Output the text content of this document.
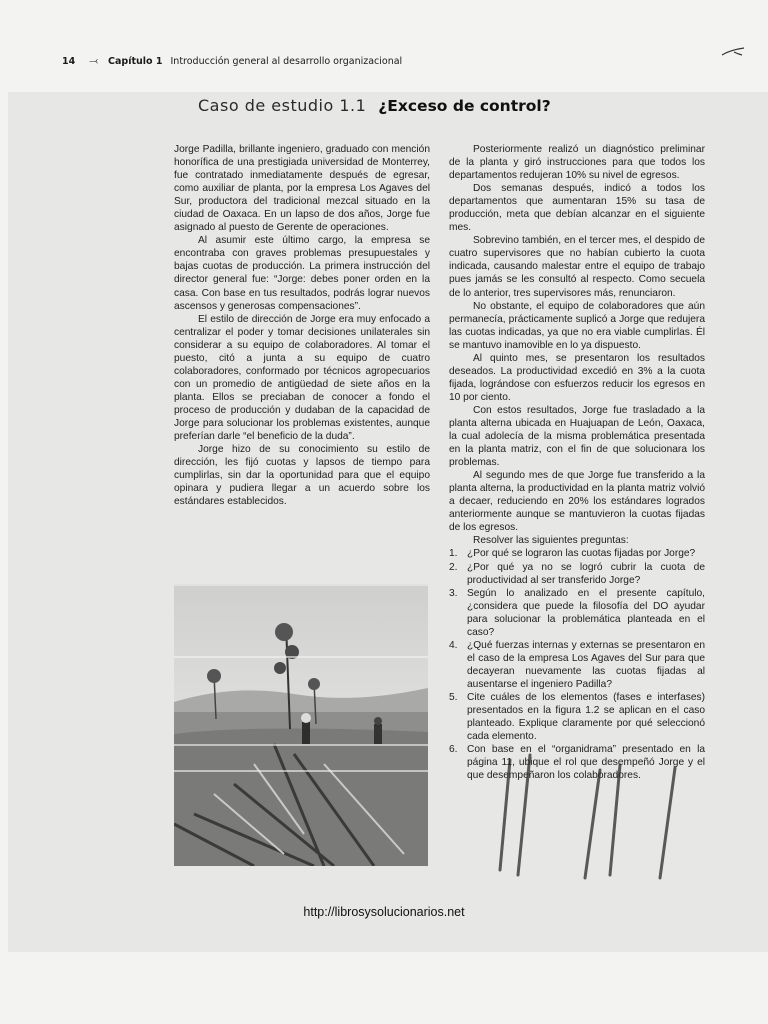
14 ⤙ Capítulo 1 Introducción general al desarrollo organizacional
Caso de estudio 1.1 ¿Exceso de control?

Jorge Padilla, brillante ingeniero, graduado con mención honorífica de una prestigiada universidad de Monterrey, fue contratado inmediatamente después de egresar, como auxiliar de planta, por la empresa Los Agaves del Sur, productora del tradicional mezcal situado en la ciudad de Oaxaca. En un lapso de dos años, Jorge fue asignado al puesto de Gerente de operaciones.

Al asumir este último cargo, la empresa se encontraba con graves problemas presupuestales y bajas cuotas de producción. La primera instrucción del director general fue: “Jorge: debes poner orden en la casa. Con base en tus resultados, podrás lograr nuevos ascensos y generosas compensaciones”.

El estilo de dirección de Jorge era muy enfocado a centralizar el poder y tomar decisiones unilaterales sin considerar a su equipo de colaboradores. Al tomar el puesto, citó a junta a su equipo de cuatro colaboradores, conformado por técnicos agropecuarios con un promedio de antigüedad de siete años en la planta. Ellos se preciaban de conocer a fondo el proceso de producción y dudaban de la capacidad de Jorge para solucionar los problemas existentes, aunque preferían darle “el beneficio de la duda”.

Jorge hizo de su conocimiento su estilo de dirección, les fijó cuotas y lapsos de tiempo para cumplirlas, sin dar la oportunidad para que el equipo opinara y pudiera llegar a un acuerdo sobre los estándares establecidos.

Posteriormente realizó un diagnóstico preliminar de la planta y giró instrucciones para que todos los departamentos redujeran 10% su nivel de egresos.

Dos semanas después, indicó a todos los departamentos que aumentaran 15% su tasa de producción, meta que debían alcanzar en el siguiente mes.

Sobrevino también, en el tercer mes, el despido de cuatro supervisores que no habían cubierto la cuota indicada, causando malestar entre el equipo de trabajo pues jamás se les consultó al respecto. Como secuela de lo anterior, tres supervisores más, renunciaron.

No obstante, el equipo de colaboradores que aún permanecía, prácticamente suplicó a Jorge que redujera las cuotas indicadas, ya que no era viable cumplirlas. Él se mantuvo inamovible en lo ya dispuesto.

Al quinto mes, se presentaron los resultados deseados. La productividad excedió en 3% a la cuota fijada, lográndose con esfuerzos reducir los egresos en 10 por ciento.

Con estos resultados, Jorge fue trasladado a la planta alterna ubicada en Huajuapan de León, Oaxaca, la cual adolecía de la misma problemática presentada en la planta matriz, con el fin de que solucionara los problemas.

Al segundo mes de que Jorge fue transferido a la planta alterna, la productividad en la planta matriz volvió a decaer, reduciendo en 20% los estándares logrados anteriormente aunque se mantuvieron la cuotas fijadas de los egresos.

Resolver las siguientes preguntas:

1. ¿Por qué se lograron las cuotas fijadas por Jorge?
2. ¿Por qué ya no se logró cubrir la cuota de productividad al ser transferido Jorge?
3. Según lo analizado en el presente capítulo, ¿considera que puede la filosofía del DO ayudar para solucionar la problemática planteada en el caso?
4. ¿Qué fuerzas internas y externas se presentaron en el caso de la empresa Los Agaves del Sur para que decayeran nuevamente las cuotas fijadas al ausentarse el ingeniero Padilla?
5. Cite cuáles de los elementos (fases e interfases) presentados en la figura 1.2 se aplican en el caso planteado. Explique claramente por qué seleccionó cada elemento.
6. Con base en el “organidrama” presentado en la página 11, ubique el rol que desempeñó Jorge y el que desempeñaron los colaboradores.
http://librosysolucionarios.net
